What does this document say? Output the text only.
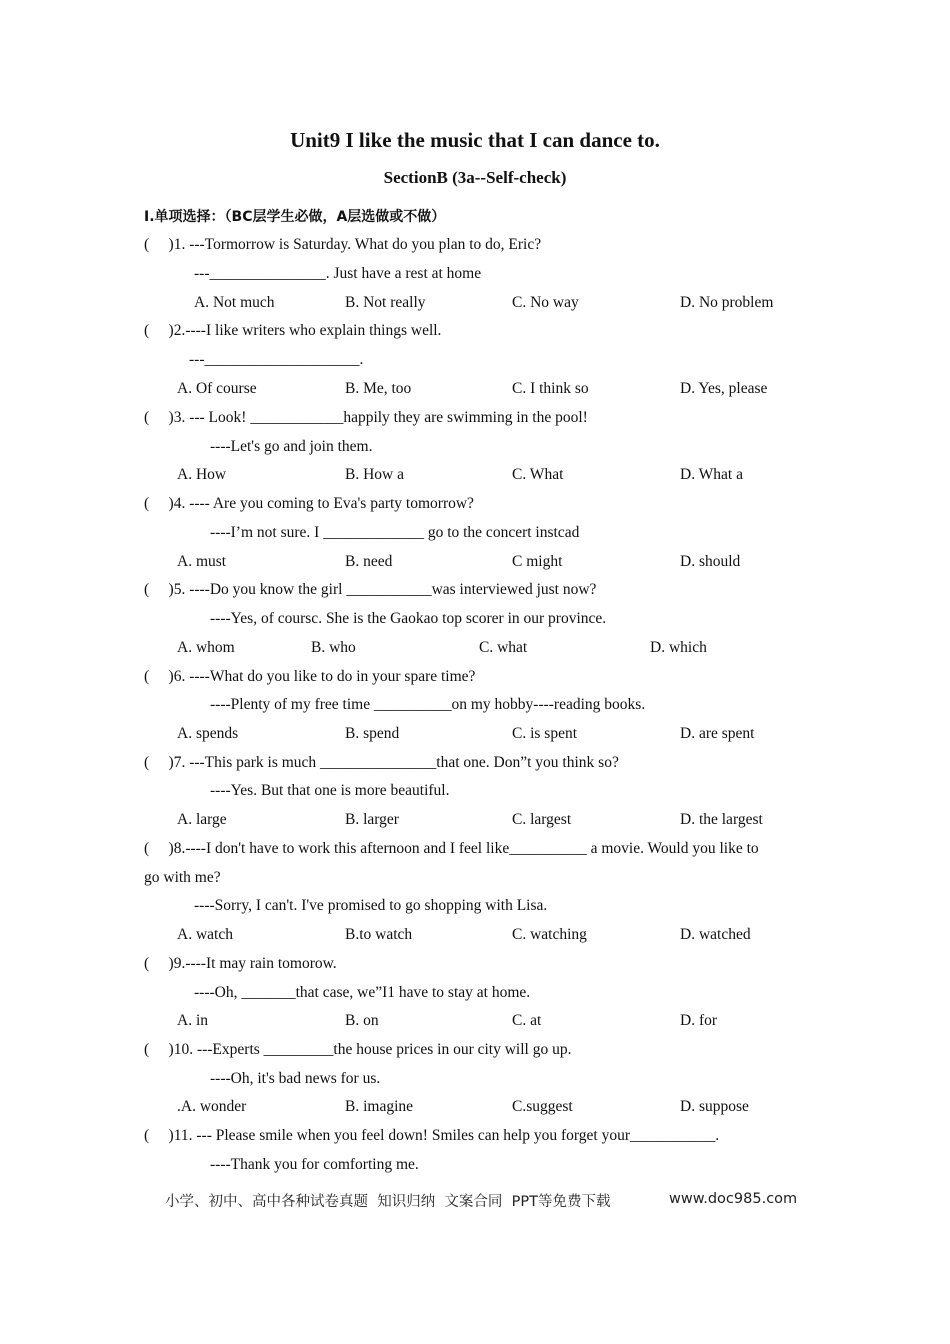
Unit9 I like the music that I can dance to.
SectionB (3a--Self-check)
I.单项选择：（BC层学生必做，A层选做或不做）
(     )1. ---Tormorrow is Saturday. What do you plan to do, Eric?
---_______________. Just have a rest at home
A. Not much	B. Not really	C. No way	D. No problem
(     )2.----I like writers who explain things well.
---____________________.
A. Of course	B. Me, too	C. I think so	D. Yes, please
(     )3. --- Look! ____________happily they are swimming in the pool!
----Let's go and join them.
A. How	B. How a	C. What	D. What a
(     )4. ---- Are you coming to Eva's party tomorrow?
----I’m not sure. I _____________ go to the concert instcad
A. must	B. need	C might	D. should
(     )5. ----Do you know the girl ___________was interviewed just now?
----Yes, of coursc. She is the Gaokao top scorer in our province.
A. whom	B. who	C. what	D. which
(     )6. ----What do you like to do in your spare time?
----Plenty of my free time __________on my hobby----reading books.
A. spends	B. spend	C. is spent	D. are spent
(     )7. ---This park is much _______________that one. Don”t you think so?
----Yes. But that one is more beautiful.
A. large	B. larger	C. largest	D. the largest
(     )8.----I don't have to work this afternoon and I feel like__________ a movie. Would you like to
go with me?
----Sorry, I can't. I've promised to go shopping with Lisa.
A. watch	B.to watch	C. watching	D. watched
(     )9.----It may rain tomorow.
----Oh, _______that case, we”I1 have to stay at home.
A. in	B. on	C. at	D. for
(     )10. ---Experts _________the house prices in our city will go up.
----Oh, it's bad news for us.
.A. wonder	B. imagine	C.suggest	D. suppose
(     )11. --- Please smile when you feel down! Smiles can help you forget your___________.
----Thank you for comforting me.
小学、初中、高中各种试卷真题  知识归纳  文案合同  PPT等免费下载	www.doc985.com
